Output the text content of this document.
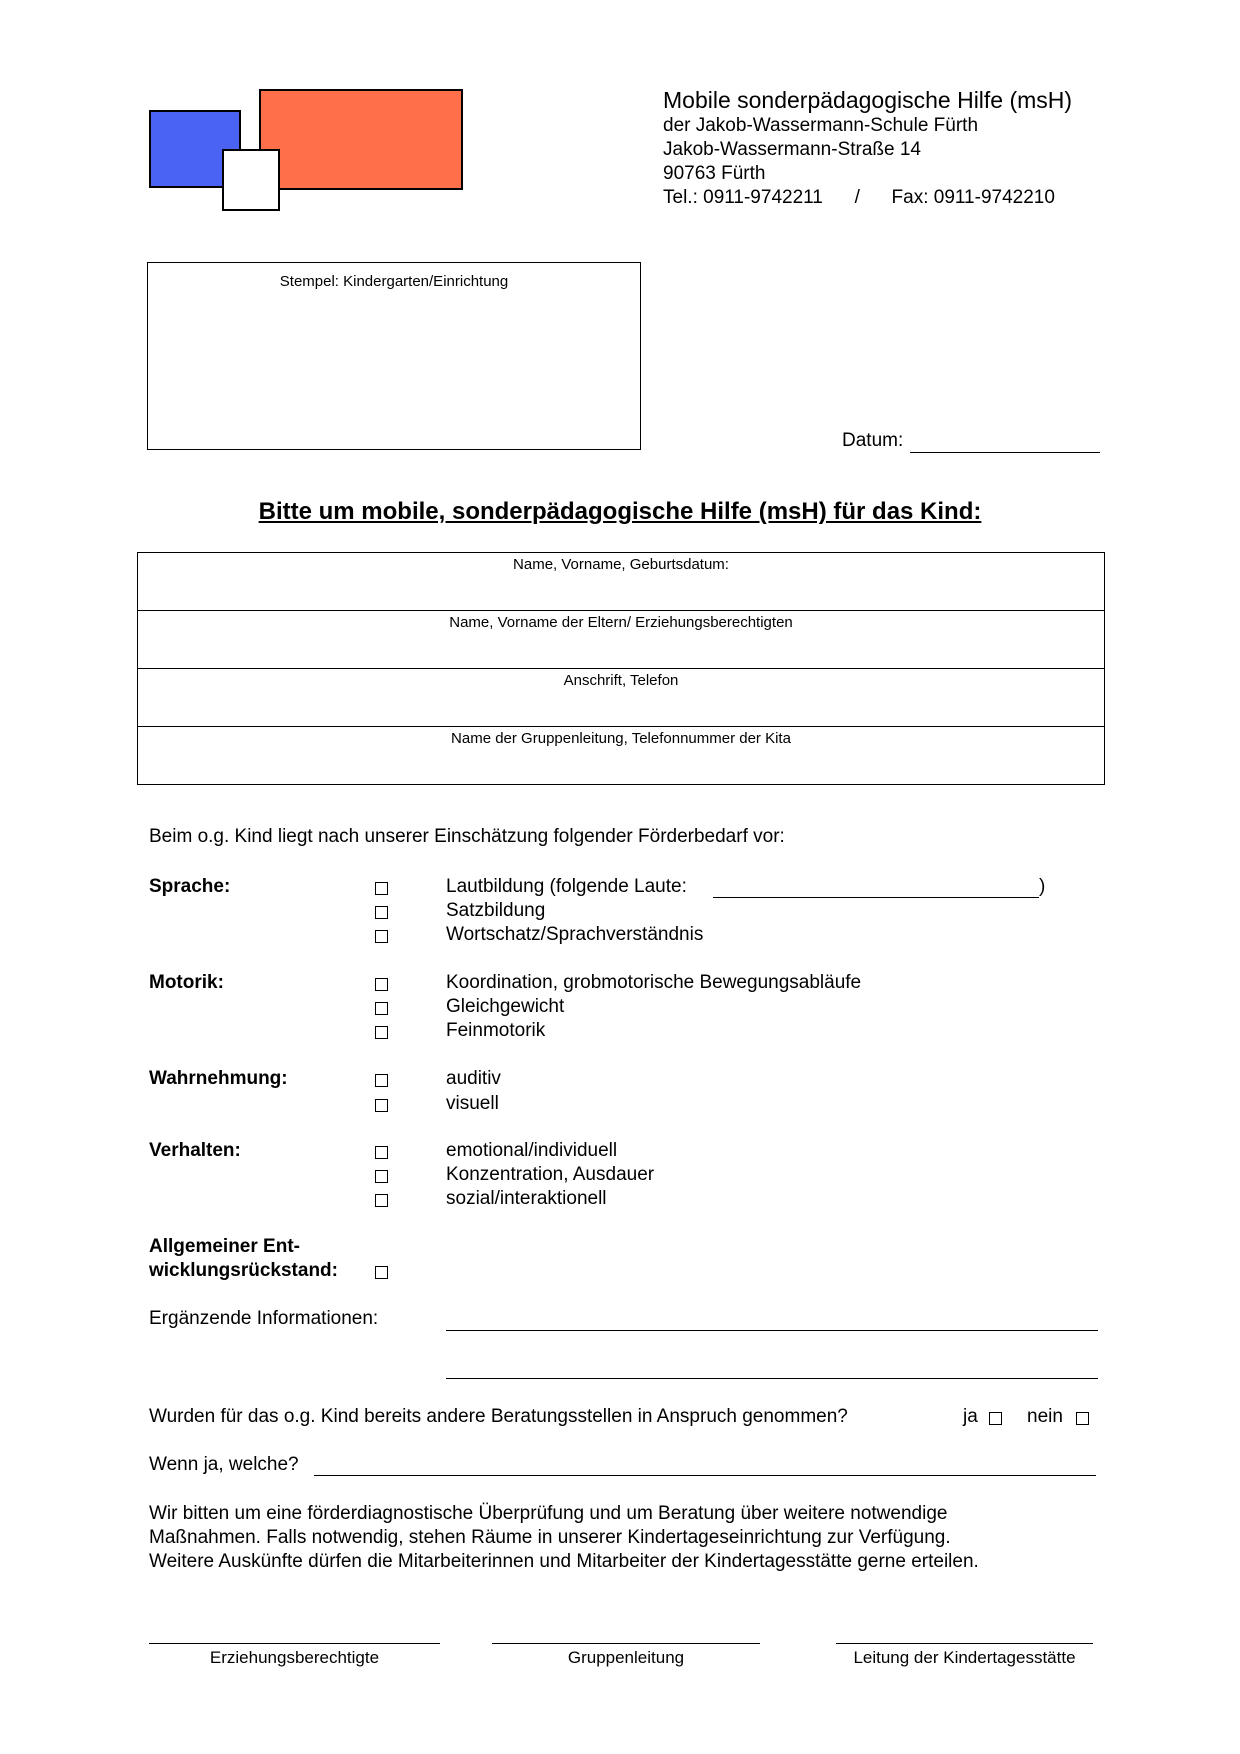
Mobile sonderpädagogische Hilfe (msH)
der Jakob-Wassermann-Schule Fürth
Jakob-Wassermann-Straße 14
90763 Fürth
Tel.: 0911-9742211 / Fax: 0911-9742210
Stempel: Kindergarten/Einrichtung
Datum:
Bitte um mobile, sonderpädagogische Hilfe (msH) für das Kind:
Name, Vorname, Geburtsdatum:
Name, Vorname der Eltern/ Erziehungsberechtigten
Anschrift, Telefon
Name der Gruppenleitung, Telefonnummer der Kita
Beim o.g. Kind liegt nach unserer Einschätzung folgender Förderbedarf vor:
Sprache:	Lautbildung (folgende Laute:	)
Satzbildung
Wortschatz/Sprachverständnis
Motorik:	Koordination, grobmotorische Bewegungsabläufe
Gleichgewicht
Feinmotorik
Wahrnehmung:	auditiv
visuell
Verhalten:	emotional/individuell
Konzentration, Ausdauer
sozial/interaktionell
Allgemeiner Ent-
wicklungsrückstand:
Ergänzende Informationen:
Wurden für das o.g. Kind bereits andere Beratungsstellen in Anspruch genommen?	ja	nein
Wenn ja, welche?
Wir bitten um eine förderdiagnostische Überprüfung und um Beratung über weitere notwendige
Maßnahmen. Falls notwendig, stehen Räume in unserer Kindertageseinrichtung zur Verfügung.
Weitere Auskünfte dürfen die Mitarbeiterinnen und Mitarbeiter der Kindertagesstätte gerne erteilen.
Erziehungsberechtigte	Gruppenleitung	Leitung der Kindertagesstätte
